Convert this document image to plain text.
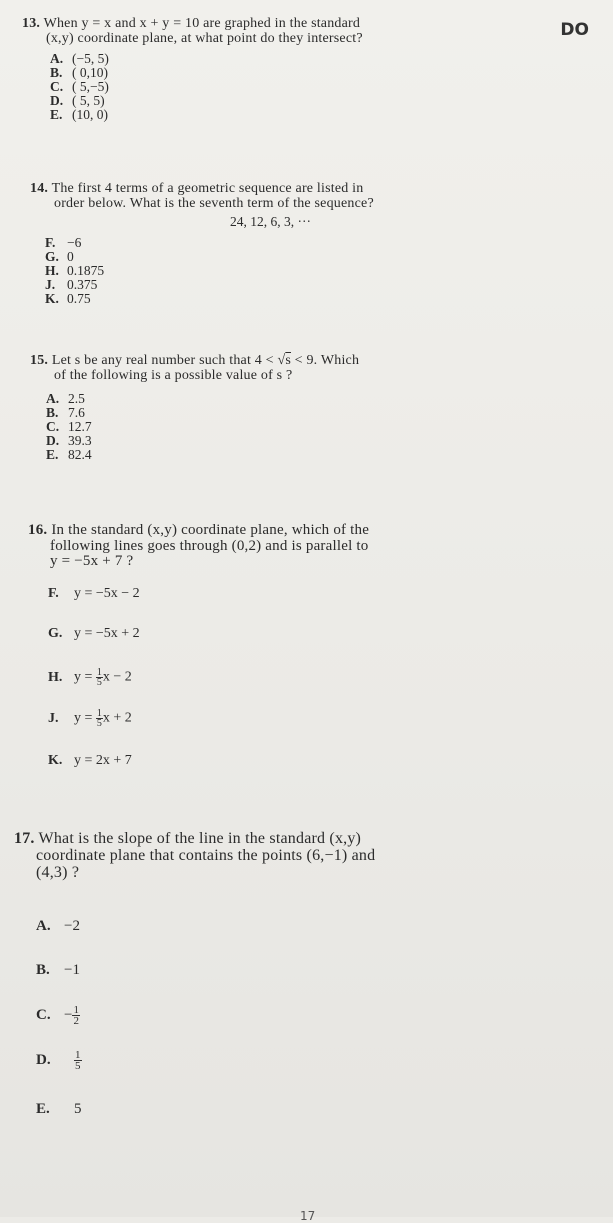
DO
13. When y = x and x + y = 10 are graphed in the standard
(x,y) coordinate plane, at what point do they intersect?
A. (−5, 5)
B. ( 0,10)
C. ( 5,−5)
D. ( 5, 5)
E. (10, 0)
14. The first 4 terms of a geometric sequence are listed in
order below. What is the seventh term of the sequence?
24, 12, 6, 3, ···
F. −6
G. 0
H. 0.1875
J. 0.375
K. 0.75
15. Let s be any real number such that 4 < √s < 9. Which
of the following is a possible value of s ?
A. 2.5
B. 7.6
C. 12.7
D. 39.3
E. 82.4
16. In the standard (x,y) coordinate plane, which of the
following lines goes through (0,2) and is parallel to
y = −5x + 7 ?
F. y = −5x − 2
G. y = −5x + 2
H. $y = \frac{1}{5}$ x − 2
J. $y = \frac{1}{5}$ x + 2
K. y = 2x + 7
17. What is the slope of the line in the standard (x,y)
coordinate plane that contains the points (6,−1) and
(4,3) ?
A. −2
B. −1
C. − $\frac{1}{2}$
D. $\frac{1}{5}$
E. 5
17
